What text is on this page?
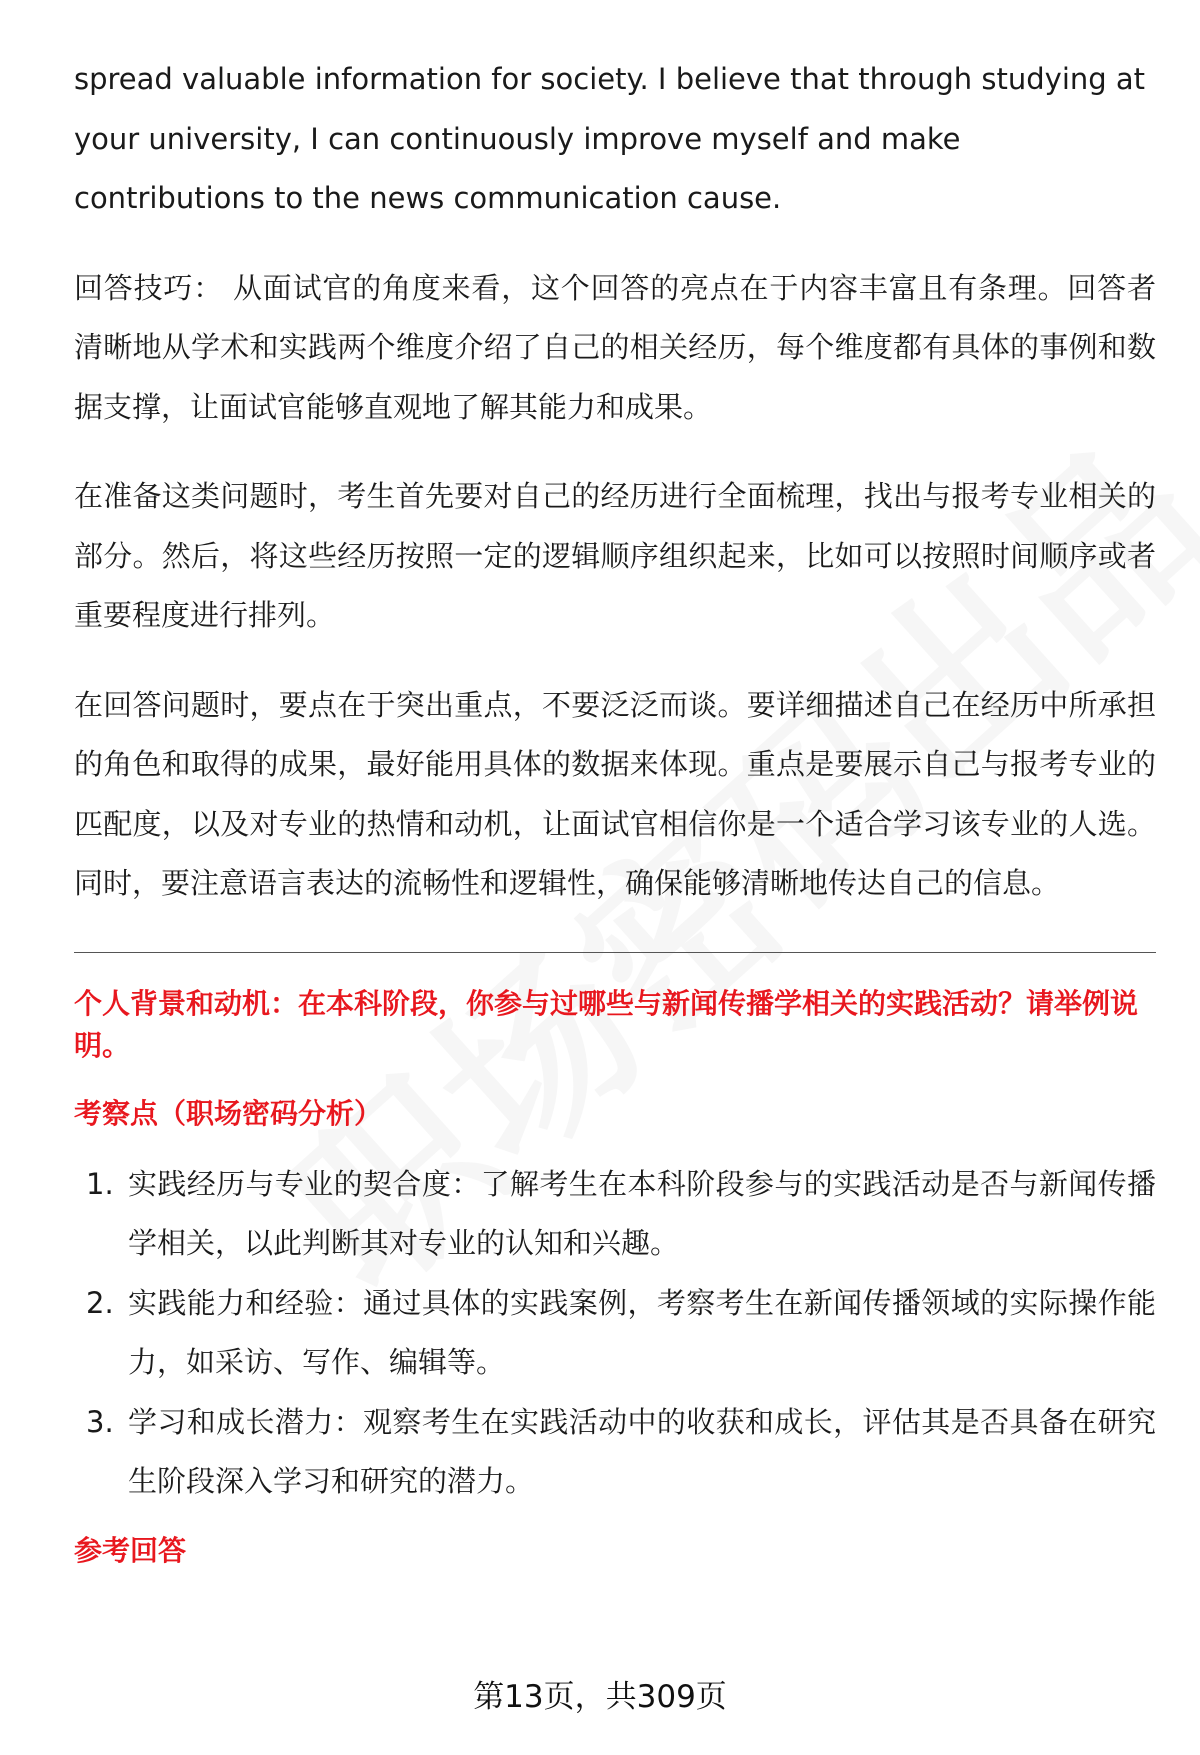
spread valuable information for society. I believe that through studying at your university, I can continuously improve myself and make contributions to the news communication cause.

回答技巧： 从面试官的角度来看，这个回答的亮点在于内容丰富且有条理。回答者清晰地从学术和实践两个维度介绍了自己的相关经历，每个维度都有具体的事例和数据支撑，让面试官能够直观地了解其能力和成果。

在准备这类问题时，考生首先要对自己的经历进行全面梳理，找出与报考专业相关的部分。然后，将这些经历按照一定的逻辑顺序组织起来，比如可以按照时间顺序或者重要程度进行排列。

在回答问题时，要点在于突出重点，不要泛泛而谈。要详细描述自己在经历中所承担的角色和取得的成果，最好能用具体的数据来体现。重点是要展示自己与报考专业的匹配度，以及对专业的热情和动机，让面试官相信你是一个适合学习该专业的人选。同时，要注意语言表达的流畅性和逻辑性，确保能够清晰地传达自己的信息。

个人背景和动机：在本科阶段，你参与过哪些与新闻传播学相关的实践活动？请举例说明。
考察点（职场密码分析）
1. 实践经历与专业的契合度：了解考生在本科阶段参与的实践活动是否与新闻传播学相关，以此判断其对专业的认知和兴趣。
2. 实践能力和经验：通过具体的实践案例，考察考生在新闻传播领域的实际操作能力，如采访、写作、编辑等。
3. 学习和成长潜力：观察考生在实践活动中的收获和成长，评估其是否具备在研究生阶段深入学习和研究的潜力。
参考回答
第13页，共309页
